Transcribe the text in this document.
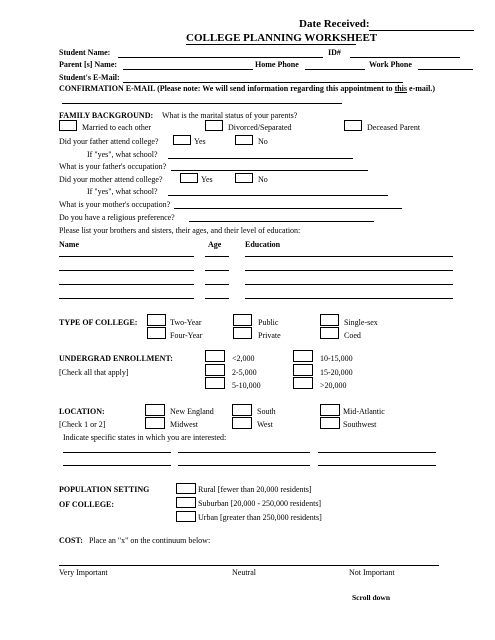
Date Received:
COLLEGE PLANNING WORKSHEET
Student Name:	ID#
Parent [s] Name:	Home Phone	Work Phone
Student's E-Mail:
CONFIRMATION E-MAIL (Please note: We will send information regarding this appointment to this e-mail.)
FAMILY BACKGROUND: What is the marital status of your parents?
Married to each other	Divorced/Separated	Deceased Parent
Did your father attend college?	Yes	No
If "yes", what school?
What is your father's occupation?
Did your mother attend college?	Yes	No
If "yes", what school?
What is your mother's occupation?
Do you have a religious preference?
Please list your brothers and sisters, their ages, and their level of education:
Name	Age	Education
TYPE OF COLLEGE:	Two-Year	Public	Single-sex
Four-Year	Private	Coed
UNDERGRAD ENROLLMENT:
[Check all that apply]
<2,000	10-15,000
2-5,000	15-20,000
5-10,000	>20,000
LOCATION:
[Check 1 or 2]
New England	South	Mid-Atlantic
Midwest	West	Southwest
Indicate specific states in which you are interested:
POPULATION SETTING
OF COLLEGE:
Rural [fewer than 20,000 residents]
Suburban [20,000 - 250,000 residents]
Urban [greater than 250,000 residents]
COST: Place an "x" on the continuum below:
Very Important	Neutral	Not Important
Scroll down
